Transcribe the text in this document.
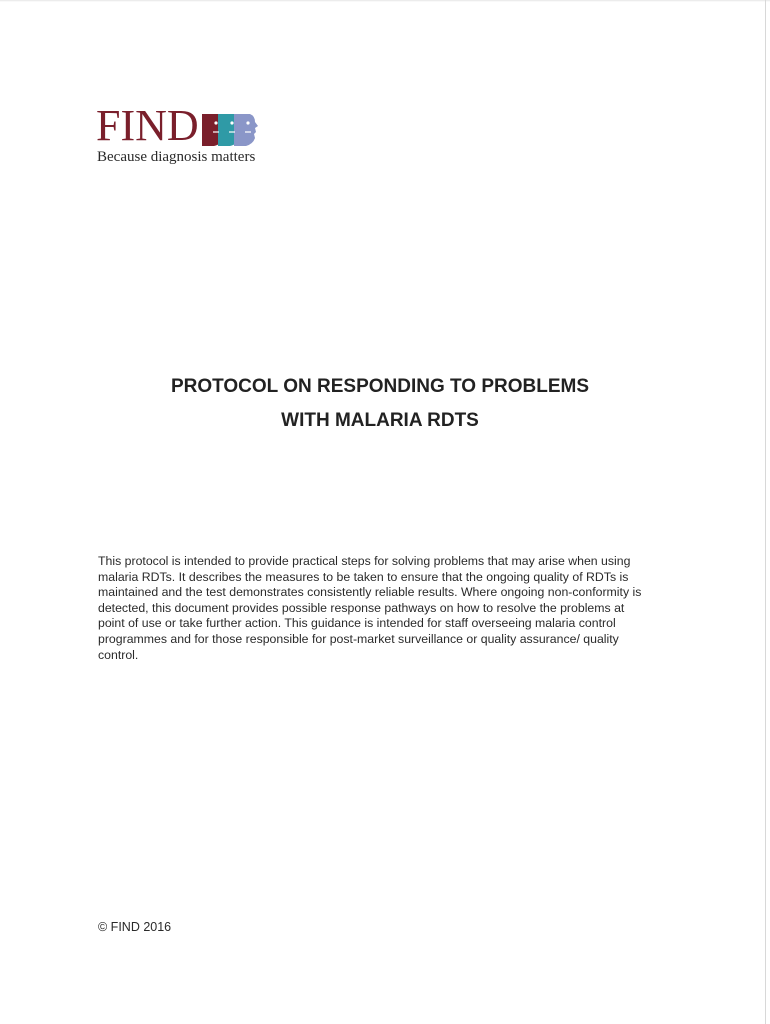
FIND
Because diagnosis matters
PROTOCOL ON RESPONDING TO PROBLEMS
WITH MALARIA RDTS

This protocol is intended to provide practical steps for solving problems that may arise when using malaria RDTs. It describes the measures to be taken to ensure that the ongoing quality of RDTs is maintained and the test demonstrates consistently reliable results. Where ongoing non-conformity is detected, this document provides possible response pathways on how to resolve the problems at point of use or take further action. This guidance is intended for staff overseeing malaria control programmes and for those responsible for post-market surveillance or quality assurance/ quality control.

© FIND 2016
